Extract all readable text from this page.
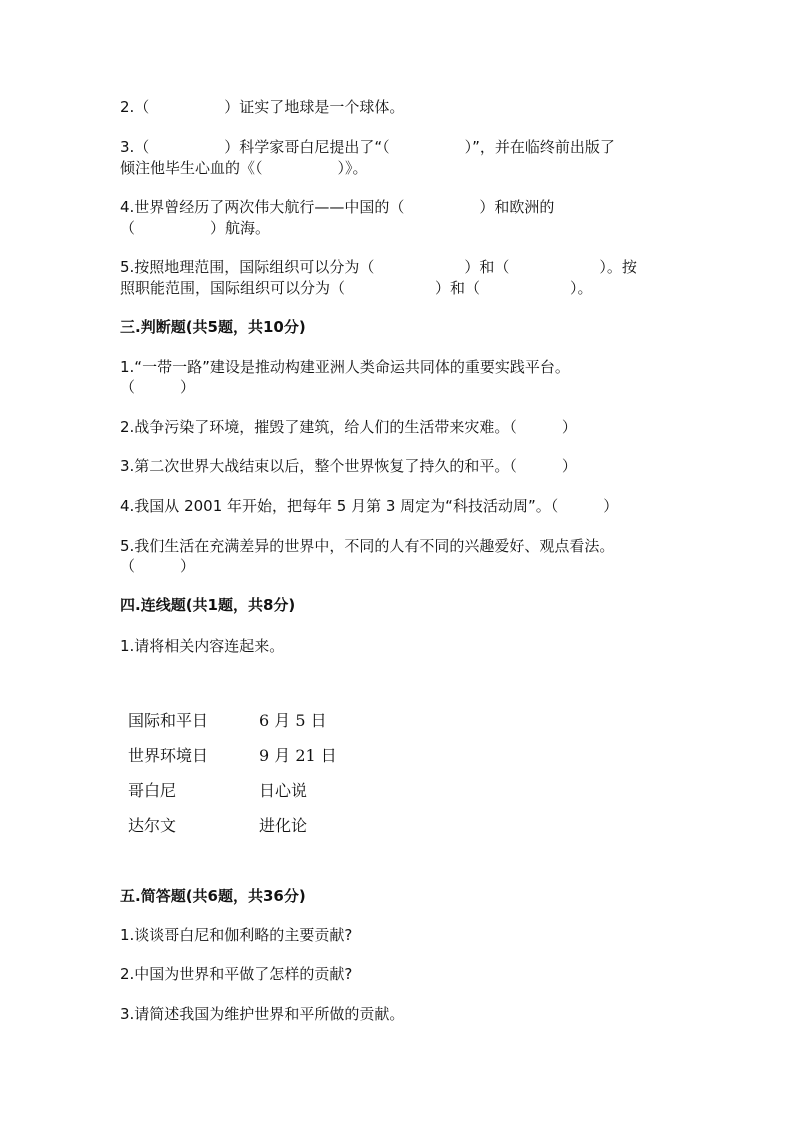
2.（　　　　　）证实了地球是一个球体。
3.（　　　　　）科学家哥白尼提出了“（　　　　　）”，并在临终前出版了
倾注他毕生心血的《（　　　　　）》。
4.世界曾经历了两次伟大航行——中国的（　　　　　）和欧洲的
（　　　　　）航海。
5.按照地理范围，国际组织可以分为（　　　　　　）和（　　　　　　）。按
照职能范围，国际组织可以分为（　　　　　　）和（　　　　　　）。
三.判断题(共5题，共10分)
1.“一带一路”建设是推动构建亚洲人类命运共同体的重要实践平台。
（　　　）
2.战争污染了环境，摧毁了建筑，给人们的生活带来灾难。（　　　）
3.第二次世界大战结束以后，整个世界恢复了持久的和平。（　　　）
4.我国从 2001 年开始，把每年 5 月第 3 周定为“科技活动周”。（　　　）
5.我们生活在充满差异的世界中，不同的人有不同的兴趣爱好、观点看法。
（　　　）
四.连线题(共1题，共8分)
1.请将相关内容连起来。
国际和平日	6 月 5 日
世界环境日	9 月 21 日
哥白尼	日心说
达尔文	进化论
五.简答题(共6题，共36分)
1.谈谈哥白尼和伽利略的主要贡献?
2.中国为世界和平做了怎样的贡献?
3.请简述我国为维护世界和平所做的贡献。
